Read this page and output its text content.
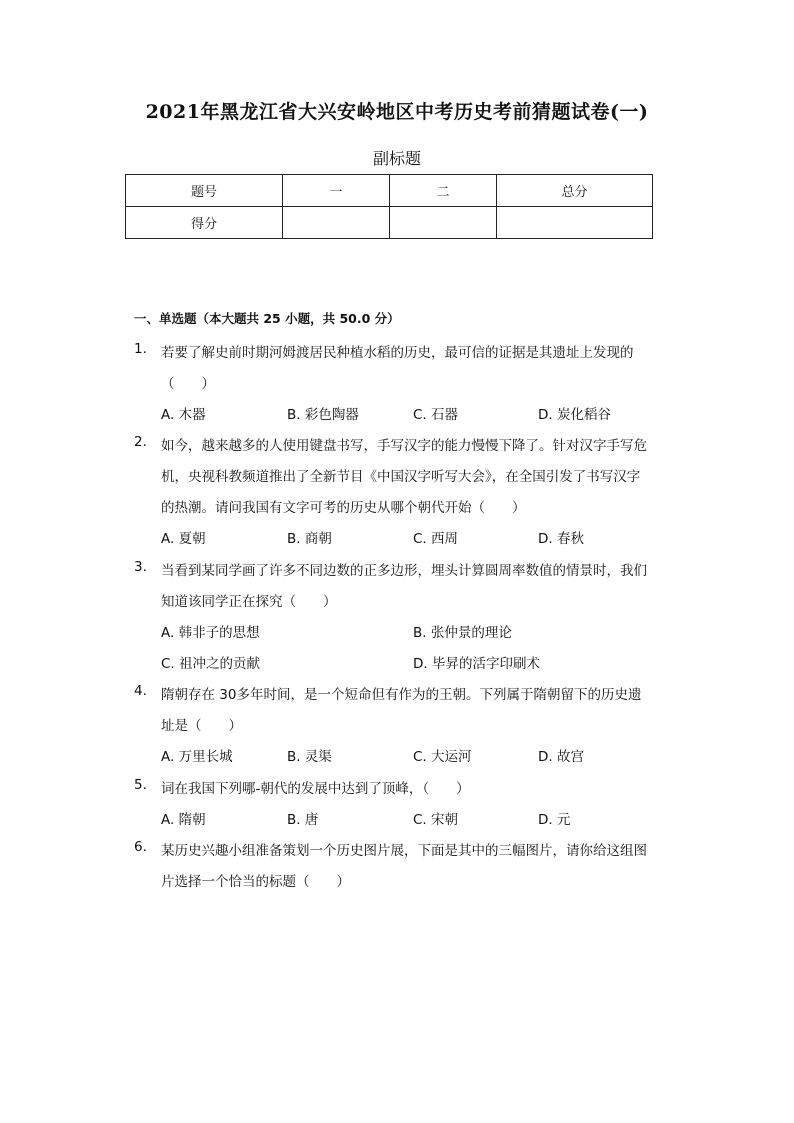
2021年黑龙江省大兴安岭地区中考历史考前猜题试卷(一)
副标题
题号	一	二	总分
得分			
一、单选题（本大题共 25 小题，共 50.0 分）
1.	若要了解史前时期河姆渡居民种植水稻的历史，最可信的证据是其遗址上发现的
（　　）
A. 木器	B. 彩色陶器	C. 石器	D. 炭化稻谷
2.	如今，越来越多的人使用键盘书写，手写汉字的能力慢慢下降了。针对汉字手写危
机，央视科教频道推出了全新节目《中国汉字听写大会》，在全国引发了书写汉字
的热潮。请问我国有文字可考的历史从哪个朝代开始（　　）
A. 夏朝	B. 商朝	C. 西周	D. 春秋
3.	当看到某同学画了许多不同边数的正多边形，埋头计算圆周率数值的情景时，我们
知道该同学正在探究（　　）
A. 韩非子的思想	B. 张仲景的理论
C. 祖冲之的贡献	D. 毕昇的活字印刷术
4.	隋朝存在 30多年时间，是一个短命但有作为的王朝。下列属于隋朝留下的历史遗
址是（　　）
A. 万里长城	B. 灵渠	C. 大运河	D. 故宫
5.	词在我国下列哪-朝代的发展中达到了顶峰，（　　）
A. 隋朝	B. 唐	C. 宋朝	D. 元
6.	某历史兴趣小组准备策划一个历史图片展，下面是其中的三幅图片，请你给这组图
片选择一个恰当的标题（　　）
